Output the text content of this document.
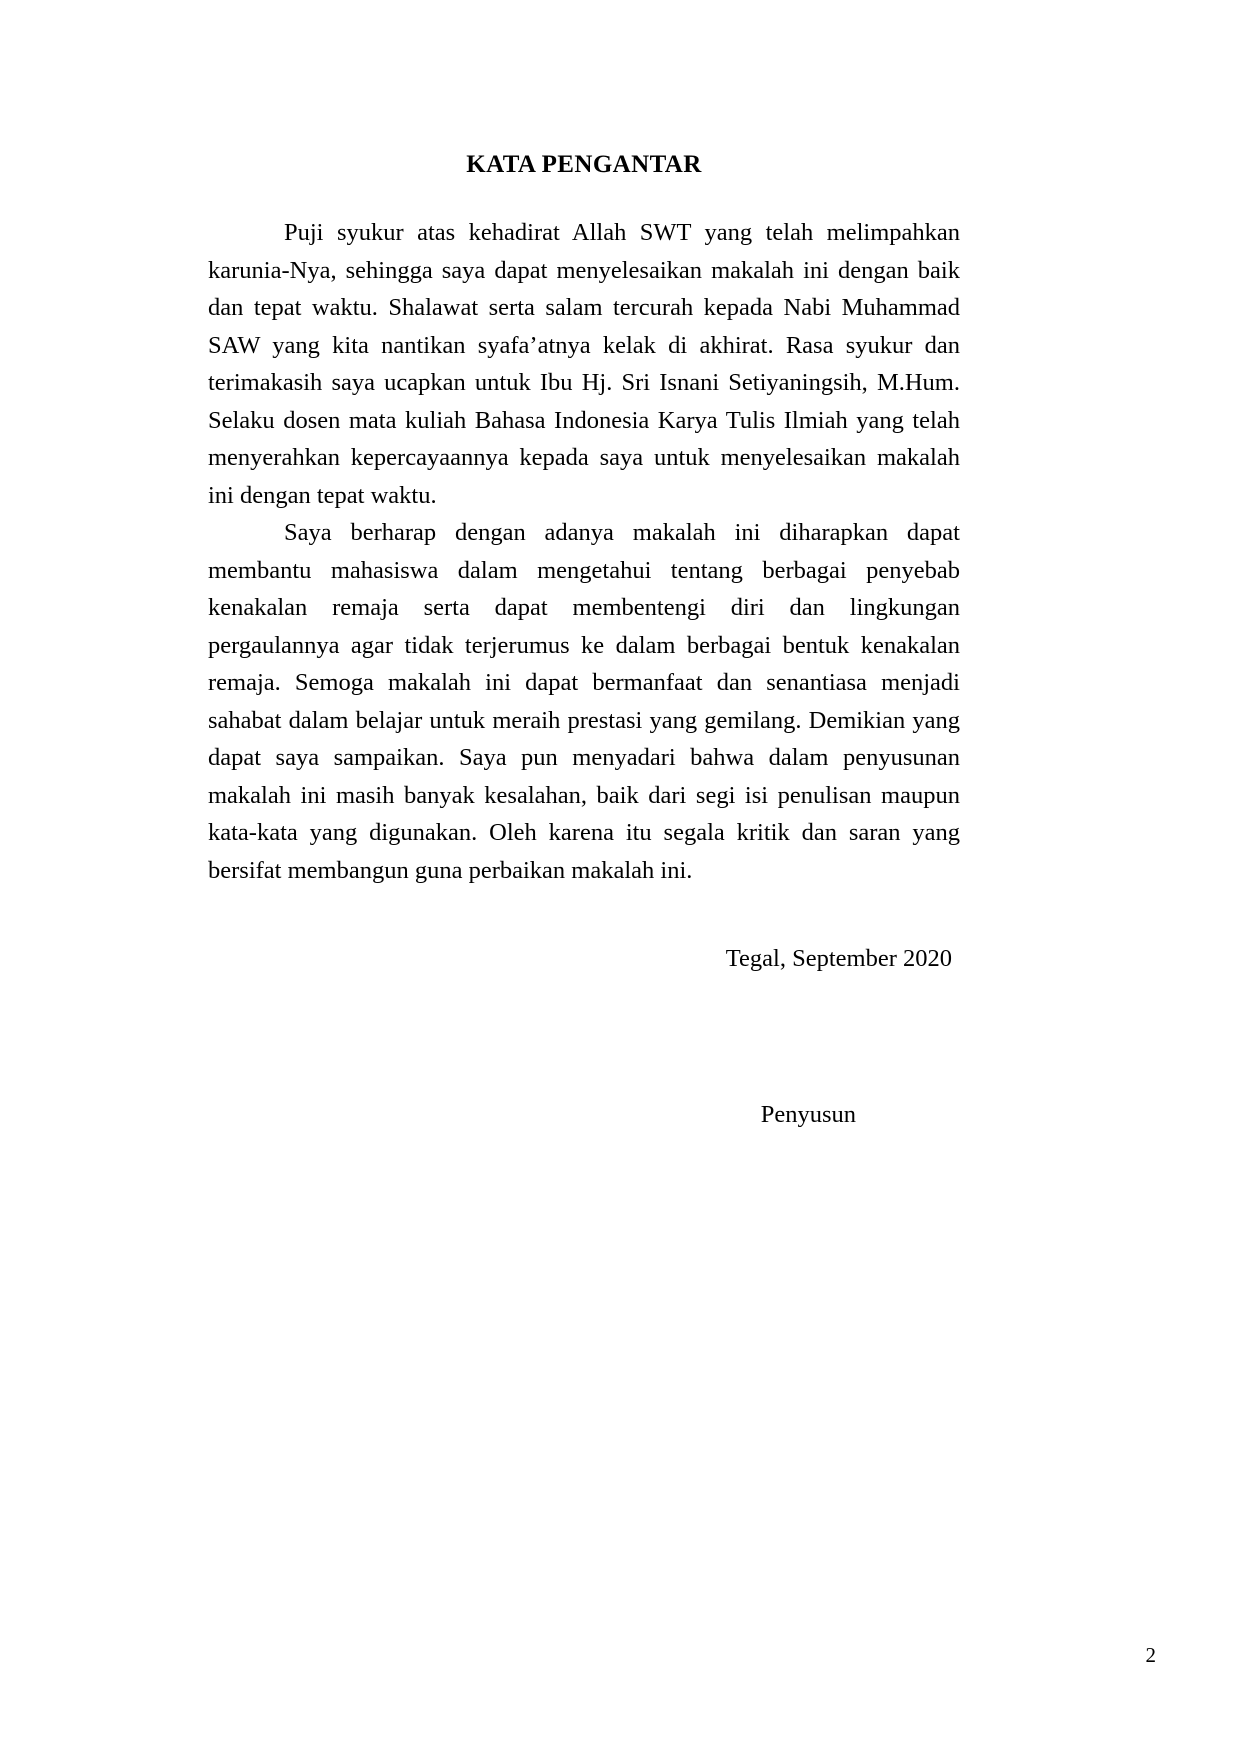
KATA PENGANTAR

Puji syukur atas kehadirat Allah SWT yang telah melimpahkan karunia-Nya, sehingga saya dapat menyelesaikan makalah ini dengan baik dan tepat waktu. Shalawat serta salam tercurah kepada Nabi Muhammad SAW yang kita nantikan syafa’atnya kelak di akhirat. Rasa syukur dan terimakasih saya ucapkan untuk Ibu Hj. Sri Isnani Setiyaningsih, M.Hum. Selaku dosen mata kuliah Bahasa Indonesia Karya Tulis Ilmiah yang telah menyerahkan kepercayaannya kepada saya untuk menyelesaikan makalah ini dengan tepat waktu.

Saya berharap dengan adanya makalah ini diharapkan dapat membantu mahasiswa dalam mengetahui tentang berbagai penyebab kenakalan remaja serta dapat membentengi diri dan lingkungan pergaulannya agar tidak terjerumus ke dalam berbagai bentuk kenakalan remaja. Semoga makalah ini dapat bermanfaat dan senantiasa menjadi sahabat dalam belajar untuk meraih prestasi yang gemilang. Demikian yang dapat saya sampaikan. Saya pun menyadari bahwa dalam penyusunan makalah ini masih banyak kesalahan, baik dari segi isi penulisan maupun kata-kata yang digunakan. Oleh karena itu segala kritik dan saran yang bersifat membangun guna perbaikan makalah ini.

Tegal, September 2020

Penyusun

2
